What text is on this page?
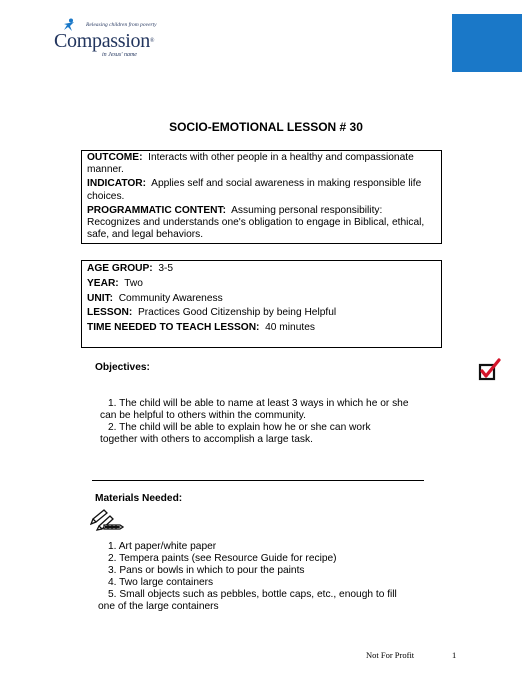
Releasing children from poverty
Compassion®
in Jesus' name
SOCIO-EMOTIONAL LESSON # 30

OUTCOME: Interacts with other people in a healthy and compassionate manner.

INDICATOR: Applies self and social awareness in making responsible life choices.

PROGRAMMATIC CONTENT: Assuming personal responsibility: Recognizes and understands one's obligation to engage in Biblical, ethical, safe, and legal behaviors.

AGE GROUP: 3-5

YEAR: Two

UNIT: Community Awareness

LESSON: Practices Good Citizenship by being Helpful

TIME NEEDED TO TEACH LESSON: 40 minutes

Objectives:

1. The child will be able to name at least 3 ways in which he or she

can be helpful to others within the community.

2. The child will be able to explain how he or she can work

together with others to accomplish a large task.

Materials Needed:

1. Art paper/white paper

2. Tempera paints (see Resource Guide for recipe)

3. Pans or bowls in which to pour the paints

4. Two large containers

5. Small objects such as pebbles, bottle caps, etc., enough to fill

one of the large containers

Not For Profit	1
